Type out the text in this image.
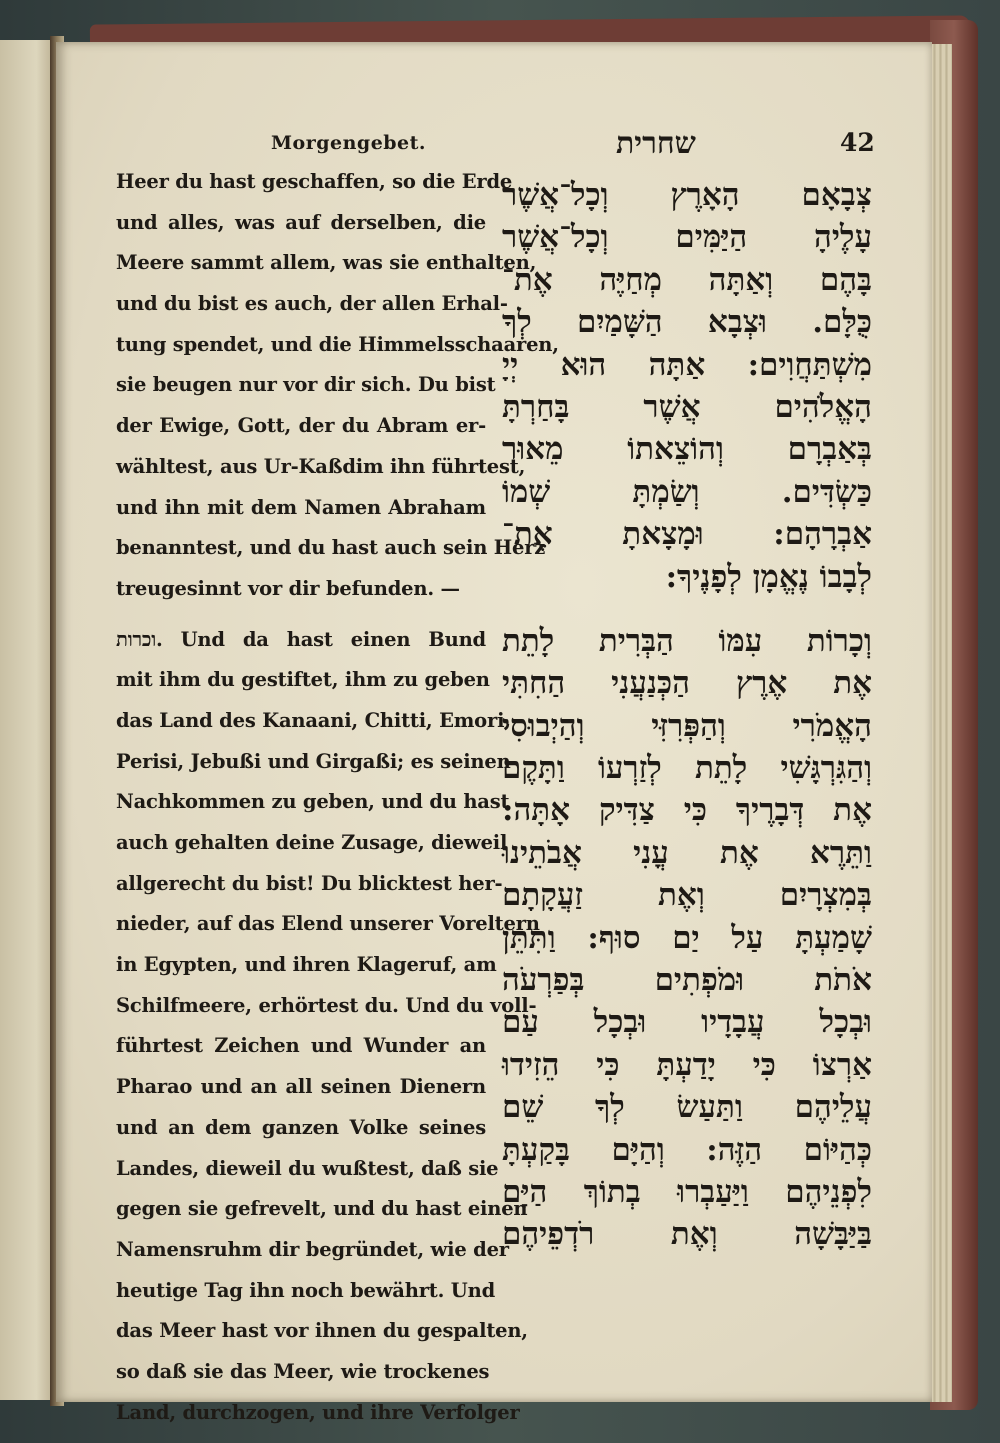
Morgengebet.	שחרית	42
Heer du hast geschaffen, so die Erde
und alles, was auf derselben, die
Meere sammt allem, was sie enthalten,
und du bist es auch, der allen Erhal-
tung spendet, und die Himmelsschaaren,
sie beugen nur vor dir sich. Du bist
der Ewige, Gott, der du Abram er-
wähltest, aus Ur-Kaßdim ihn führtest,
und ihn mit dem Namen Abraham
benanntest, und du hast auch sein Herz
treugesinnt vor dir befunden. —
וכרות. Und da hast einen Bund
mit ihm du gestiftet, ihm zu geben
das Land des Kanaani, Chitti, Emori,
Perisi, Jebußi und Girgaßi; es seinen
Nachkommen zu geben, und du hast
auch gehalten deine Zusage, dieweil
allgerecht du bist! Du blicktest her-
nieder, auf das Elend unserer Voreltern
in Egypten, und ihren Klageruf, am
Schilfmeere, erhörtest du. Und du voll-
führtest Zeichen und Wunder an
Pharao und an all seinen Dienern
und an dem ganzen Volke seines
Landes, dieweil du wußtest, daß sie
gegen sie gefrevelt, und du hast einen
Namensruhm dir begründet, wie der
heutige Tag ihn noch bewährt. Und
das Meer hast vor ihnen du gespalten,
so daß sie das Meer, wie trockenes
Land, durchzogen, und ihre Verfolger
צְבָאָם הָאָרֶץ וְכָל־אֲשֶׁר
עָלֶיהָ הַיַּמִּים וְכָל־אֲשֶׁר
בָּהֶם וְאַתָּה מְחַיֶּה אֶת־
כֻּלָּם. וּצְבָא הַשָּׁמַיִם לְךָ
מִשְׁתַּחֲוִים: אַתָּה הוּא יְיָ
הָאֱלֹהִים אֲשֶׁר בָּחַרְתָּ
בְּאַבְרָם וְהוֹצֵאתוֹ מֵאוּר
כַּשְׂדִּים. וְשַׂמְתָּ שְׁמוֹ
אַבְרָהָם: וּמָצָאתָ אֶת־
לְבָבוֹ נֶאֱמָן לְפָנֶיךָ:
וְכָרוֹת עִמּוֹ הַבְּרִית לָתֵת
אֶת אֶרֶץ הַכְּנַעֲנִי הַחִתִּי
הָאֱמֹרִי וְהַפְּרִזִּי וְהַיְבוּסִי
וְהַגִּרְגָּשִׁי לָתֵת לְזַרְעוֹ וַתָּקֶם
אֶת דְּבָרֶיךָ כִּי צַדִּיק אָתָּה:
וַתֵּרֶא אֶת עֳנִי אֲבֹתֵינוּ
בְּמִצְרָיִם וְאֶת זַעֲקָתָם
שָׁמַעְתָּ עַל יַם סוּף: וַתִּתֵּן
אֹתֹת וּמֹפְתִים בְּפַרְעֹה
וּבְכָל עֲבָדָיו וּבְכָל עַם
אַרְצוֹ כִּי יָדַעְתָּ כִּי הֵזִידוּ
עֲלֵיהֶם וַתַּעַשׂ לְךָ שֵׁם
כְּהַיּוֹם הַזֶּה: וְהַיָּם בָּקַעְתָּ
לִפְנֵיהֶם וַיַּעַבְרוּ בְתוֹךְ הַיָּם
בַּיַּבָּשָׁה וְאֶת רֹדְפֵיהֶם
